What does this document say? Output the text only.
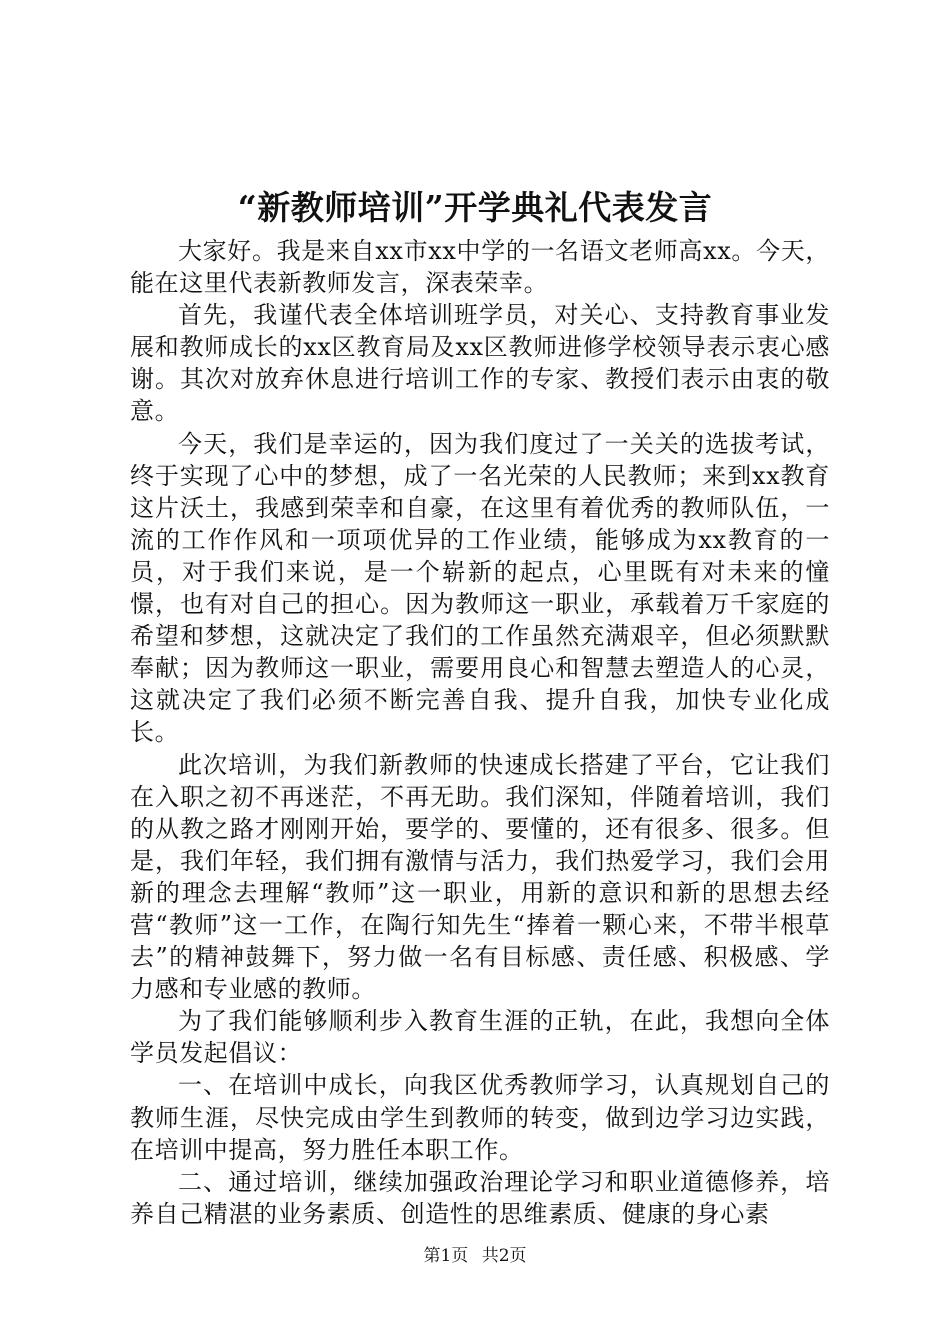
“新教师培训”开学典礼代表发言

大家好。我是来自xx市xx中学的一名语文老师高xx。今天，能在这里代表新教师发言，深表荣幸。

首先，我谨代表全体培训班学员，对关心、支持教育事业发展和教师成长的xx区教育局及xx区教师进修学校领导表示衷心感谢。其次对放弃休息进行培训工作的专家、教授们表示由衷的敬意。

今天，我们是幸运的，因为我们度过了一关关的选拔考试，终于实现了心中的梦想，成了一名光荣的人民教师；来到xx教育这片沃土，我感到荣幸和自豪，在这里有着优秀的教师队伍，一流的工作作风和一项项优异的工作业绩，能够成为xx教育的一员，对于我们来说，是一个崭新的起点，心里既有对未来的憧憬，也有对自己的担心。因为教师这一职业，承载着万千家庭的希望和梦想，这就决定了我们的工作虽然充满艰辛，但必须默默奉献；因为教师这一职业，需要用良心和智慧去塑造人的心灵，这就决定了我们必须不断完善自我、提升自我，加快专业化成长。

此次培训，为我们新教师的快速成长搭建了平台，它让我们在入职之初不再迷茫，不再无助。我们深知，伴随着培训，我们的从教之路才刚刚开始，要学的、要懂的，还有很多、很多。但是，我们年轻，我们拥有激情与活力，我们热爱学习，我们会用新的理念去理解“教师”这一职业，用新的意识和新的思想去经营“教师”这一工作，在陶行知先生“捧着一颗心来，不带半根草去”的精神鼓舞下，努力做一名有目标感、责任感、积极感、学力感和专业感的教师。

为了我们能够顺利步入教育生涯的正轨，在此，我想向全体学员发起倡议：

一、在培训中成长，向我区优秀教师学习，认真规划自己的教师生涯，尽快完成由学生到教师的转变，做到边学习边实践，在培训中提高，努力胜任本职工作。

二、通过培训，继续加强政治理论学习和职业道德修养，培养自己精湛的业务素质、创造性的思维素质、健康的身心素

第1页 共2页
